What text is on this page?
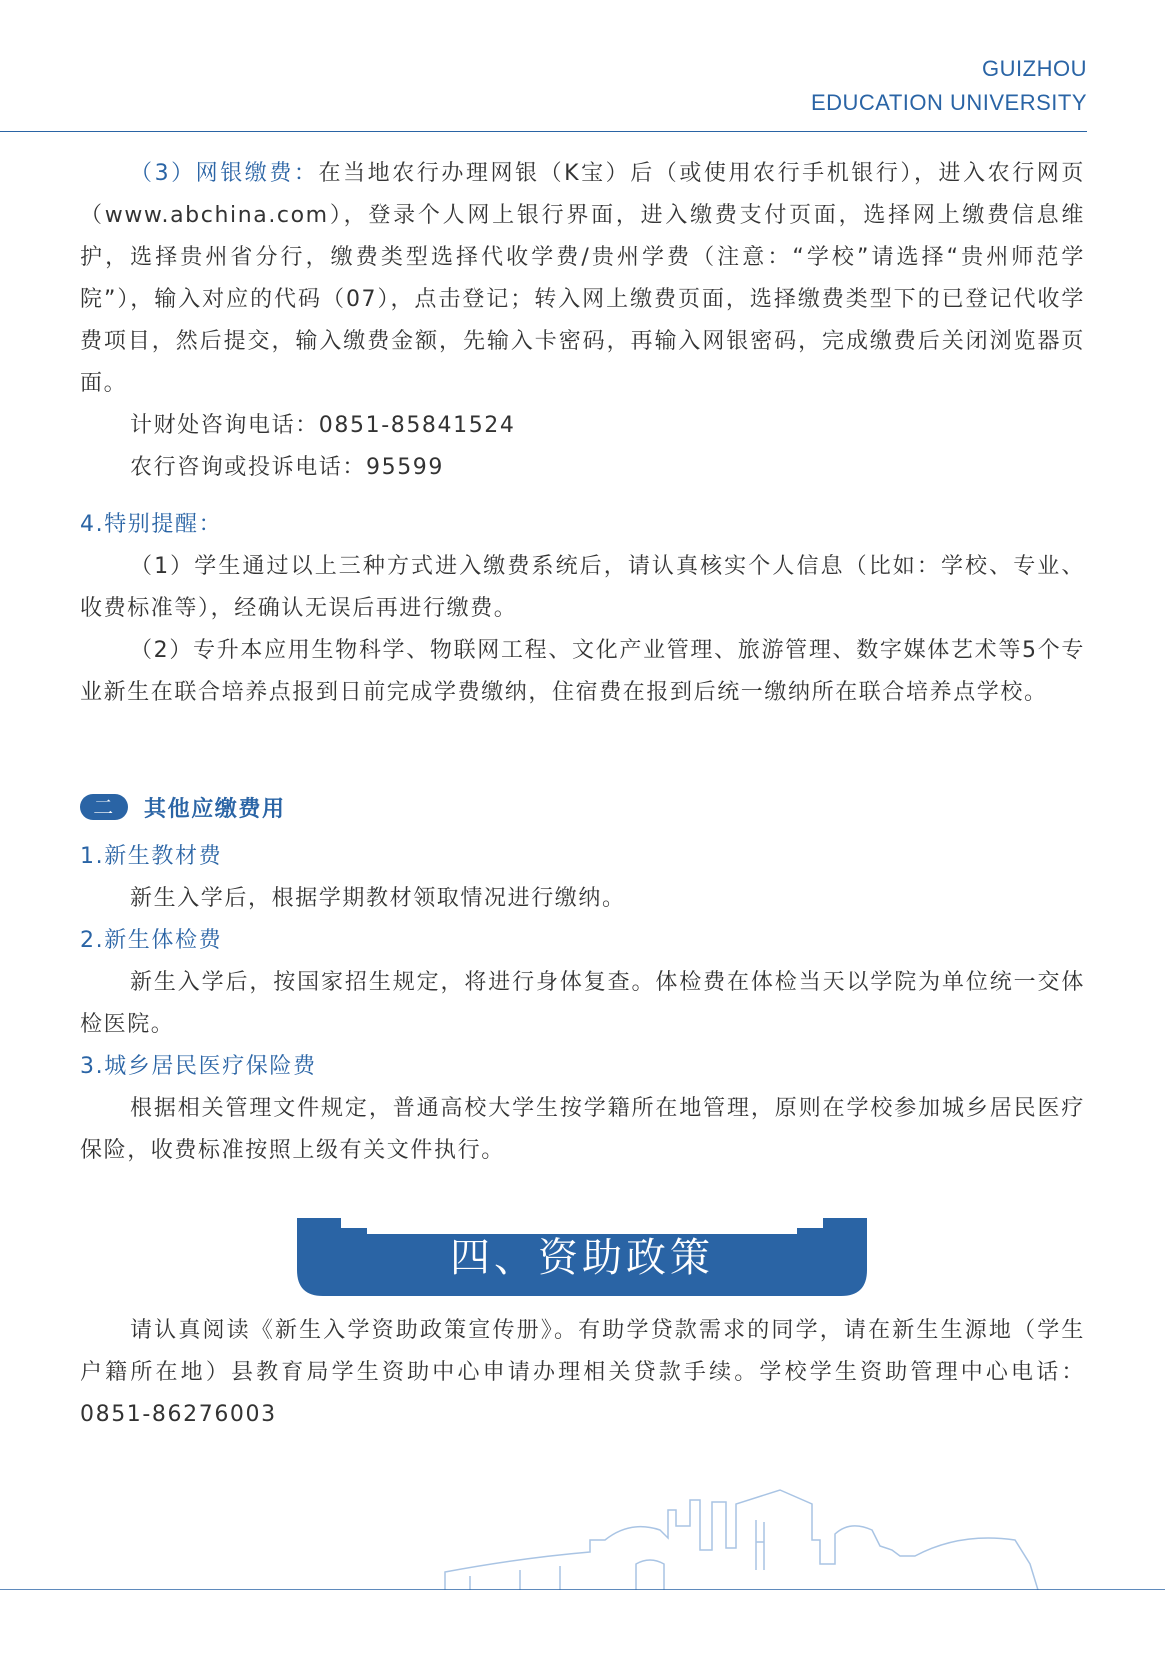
GUIZHOU
EDUCATION UNIVERSITY

（3）网银缴费：在当地农行办理网银（K宝）后（或使用农行手机银行），进入农行网页（www.abchina.com），登录个人网上银行界面，进入缴费支付页面，选择网上缴费信息维护，选择贵州省分行，缴费类型选择代收学费/贵州学费（注意：“学校”请选择“贵州师范学院”），输入对应的代码（07），点击登记；转入网上缴费页面，选择缴费类型下的已登记代收学费项目，然后提交，输入缴费金额，先输入卡密码，再输入网银密码，完成缴费后关闭浏览器页面。

计财处咨询电话：0851-85841524

农行咨询或投诉电话：95599

4.特别提醒：

（1）学生通过以上三种方式进入缴费系统后，请认真核实个人信息（比如：学校、专业、收费标准等），经确认无误后再进行缴费。

（2）专升本应用生物科学、物联网工程、文化产业管理、旅游管理、数字媒体艺术等5个专业新生在联合培养点报到日前完成学费缴纳，住宿费在报到后统一缴纳所在联合培养点学校。

二	其他应缴费用
1.新生教材费

新生入学后，根据学期教材领取情况进行缴纳。

2.新生体检费

新生入学后，按国家招生规定，将进行身体复查。体检费在体检当天以学院为单位统一交体检医院。

3.城乡居民医疗保险费

根据相关管理文件规定，普通高校大学生按学籍所在地管理，原则在学校参加城乡居民医疗保险，收费标准按照上级有关文件执行。

四、资助政策

请认真阅读《新生入学资助政策宣传册》。有助学贷款需求的同学，请在新生生源地（学生户籍所在地）县教育局学生资助中心申请办理相关贷款手续。学校学生资助管理中心电话：0851-86276003
